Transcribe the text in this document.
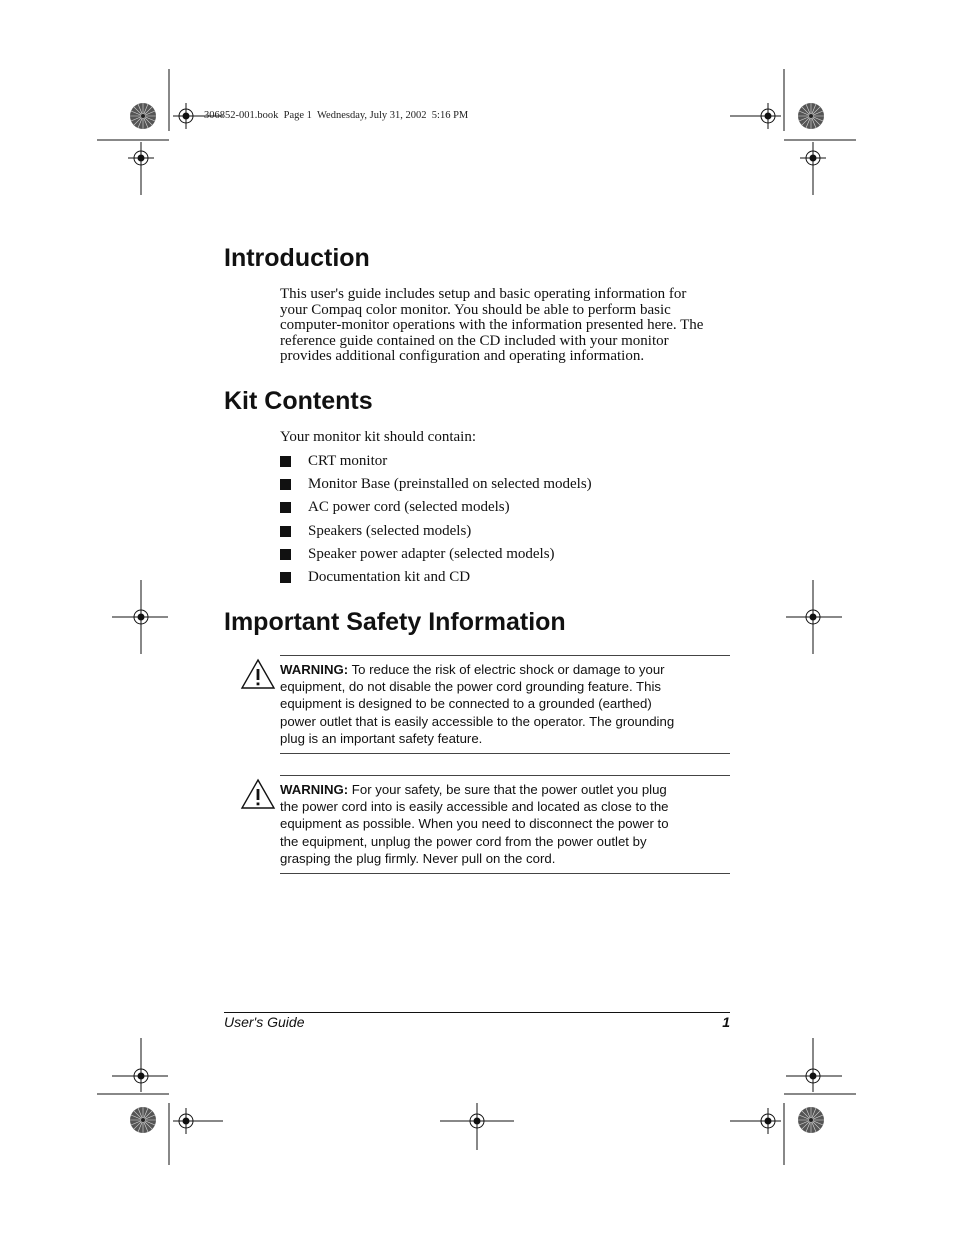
306852-001.book  Page 1  Wednesday, July 31, 2002  5:16 PM
Introduction
This user's guide includes setup and basic operating information for
your Compaq color monitor. You should be able to perform basic
computer-monitor operations with the information presented here. The
reference guide contained on the CD included with your monitor
provides additional configuration and operating information.
Kit Contents
Your monitor kit should contain:
CRT monitor
Monitor Base (preinstalled on selected models)
AC power cord (selected models)
Speakers (selected models)
Speaker power adapter (selected models)
Documentation kit and CD
Important Safety Information
WARNING: To reduce the risk of electric shock or damage to your
equipment, do not disable the power cord grounding feature. This
equipment is designed to be connected to a grounded (earthed)
power outlet that is easily accessible to the operator. The grounding
plug is an important safety feature.
WARNING: For your safety, be sure that the power outlet you plug
the power cord into is easily accessible and located as close to the
equipment as possible. When you need to disconnect the power to
the equipment, unplug the power cord from the power outlet by
grasping the plug firmly. Never pull on the cord.
User's Guide	1
